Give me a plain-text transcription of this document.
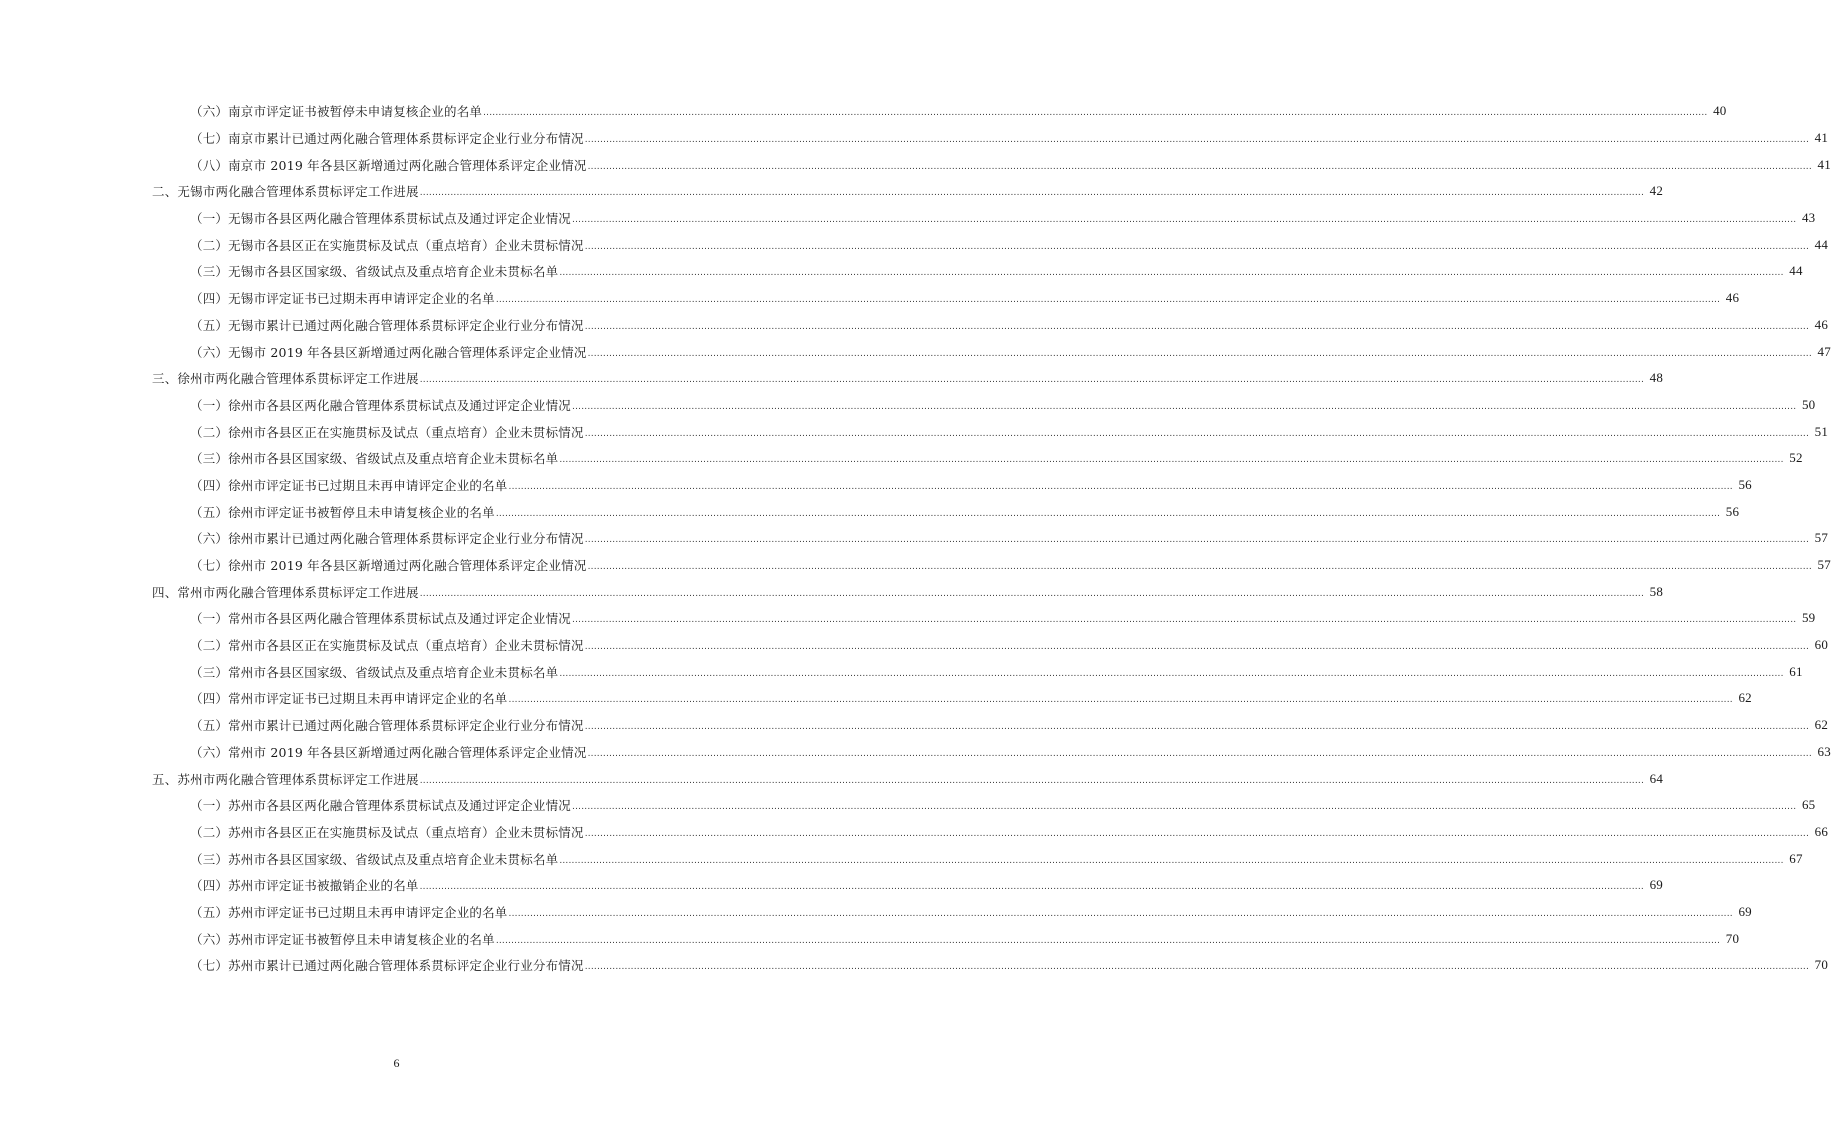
（六） 南京市评定证书被暂停未申请复核企业的名单 ................................................................................................................................................................................................................................................................................................................................................................................................................ 40
（七） 南京市累计已通过两化融合管理体系贯标评定企业行业分布情况 ................................................................................................................................................................................................................................................................................................................................................................................................................ 41
（八） 南京市 2019 年各县区新增通过两化融合管理体系评定企业情况 ................................................................................................................................................................................................................................................................................................................................................................................................................ 41
二、 无锡市两化融合管理体系贯标评定工作进展 ................................................................................................................................................................................................................................................................................................................................................................................................................ 42
（一） 无锡市各县区两化融合管理体系贯标试点及通过评定企业情况 ................................................................................................................................................................................................................................................................................................................................................................................................................ 43
（二） 无锡市各县区正在实施贯标及试点（重点培育）企业未贯标情况 ................................................................................................................................................................................................................................................................................................................................................................................................................ 44
（三） 无锡市各县区国家级、省级试点及重点培育企业未贯标名单 ................................................................................................................................................................................................................................................................................................................................................................................................................ 44
（四） 无锡市评定证书已过期未再申请评定企业的名单 ................................................................................................................................................................................................................................................................................................................................................................................................................ 46
（五） 无锡市累计已通过两化融合管理体系贯标评定企业行业分布情况 ................................................................................................................................................................................................................................................................................................................................................................................................................ 46
（六） 无锡市 2019 年各县区新增通过两化融合管理体系评定企业情况 ................................................................................................................................................................................................................................................................................................................................................................................................................ 47
三、 徐州市两化融合管理体系贯标评定工作进展 ................................................................................................................................................................................................................................................................................................................................................................................................................ 48
（一） 徐州市各县区两化融合管理体系贯标试点及通过评定企业情况 ................................................................................................................................................................................................................................................................................................................................................................................................................ 50
（二） 徐州市各县区正在实施贯标及试点（重点培育）企业未贯标情况 ................................................................................................................................................................................................................................................................................................................................................................................................................ 51
（三） 徐州市各县区国家级、省级试点及重点培育企业未贯标名单 ................................................................................................................................................................................................................................................................................................................................................................................................................ 52
（四） 徐州市评定证书已过期且未再申请评定企业的名单 ................................................................................................................................................................................................................................................................................................................................................................................................................ 56
（五） 徐州市评定证书被暂停且未申请复核企业的名单 ................................................................................................................................................................................................................................................................................................................................................................................................................ 56
（六） 徐州市累计已通过两化融合管理体系贯标评定企业行业分布情况 ................................................................................................................................................................................................................................................................................................................................................................................................................ 57
（七） 徐州市 2019 年各县区新增通过两化融合管理体系评定企业情况 ................................................................................................................................................................................................................................................................................................................................................................................................................ 57
四、 常州市两化融合管理体系贯标评定工作进展 ................................................................................................................................................................................................................................................................................................................................................................................................................ 58
（一） 常州市各县区两化融合管理体系贯标试点及通过评定企业情况 ................................................................................................................................................................................................................................................................................................................................................................................................................ 59
（二） 常州市各县区正在实施贯标及试点（重点培育）企业未贯标情况 ................................................................................................................................................................................................................................................................................................................................................................................................................ 60
（三） 常州市各县区国家级、省级试点及重点培育企业未贯标名单 ................................................................................................................................................................................................................................................................................................................................................................................................................ 61
（四） 常州市评定证书已过期且未再申请评定企业的名单 ................................................................................................................................................................................................................................................................................................................................................................................................................ 62
（五） 常州市累计已通过两化融合管理体系贯标评定企业行业分布情况 ................................................................................................................................................................................................................................................................................................................................................................................................................ 62
（六） 常州市 2019 年各县区新增通过两化融合管理体系评定企业情况 ................................................................................................................................................................................................................................................................................................................................................................................................................ 63
五、 苏州市两化融合管理体系贯标评定工作进展 ................................................................................................................................................................................................................................................................................................................................................................................................................ 64
（一） 苏州市各县区两化融合管理体系贯标试点及通过评定企业情况 ................................................................................................................................................................................................................................................................................................................................................................................................................ 65
（二） 苏州市各县区正在实施贯标及试点（重点培育）企业未贯标情况 ................................................................................................................................................................................................................................................................................................................................................................................................................ 66
（三） 苏州市各县区国家级、省级试点及重点培育企业未贯标名单 ................................................................................................................................................................................................................................................................................................................................................................................................................ 67
（四） 苏州市评定证书被撤销企业的名单 ................................................................................................................................................................................................................................................................................................................................................................................................................ 69
（五） 苏州市评定证书已过期且未再申请评定企业的名单 ................................................................................................................................................................................................................................................................................................................................................................................................................ 69
（六） 苏州市评定证书被暂停且未申请复核企业的名单 ................................................................................................................................................................................................................................................................................................................................................................................................................ 70
（七） 苏州市累计已通过两化融合管理体系贯标评定企业行业分布情况 ................................................................................................................................................................................................................................................................................................................................................................................................................ 70
6
